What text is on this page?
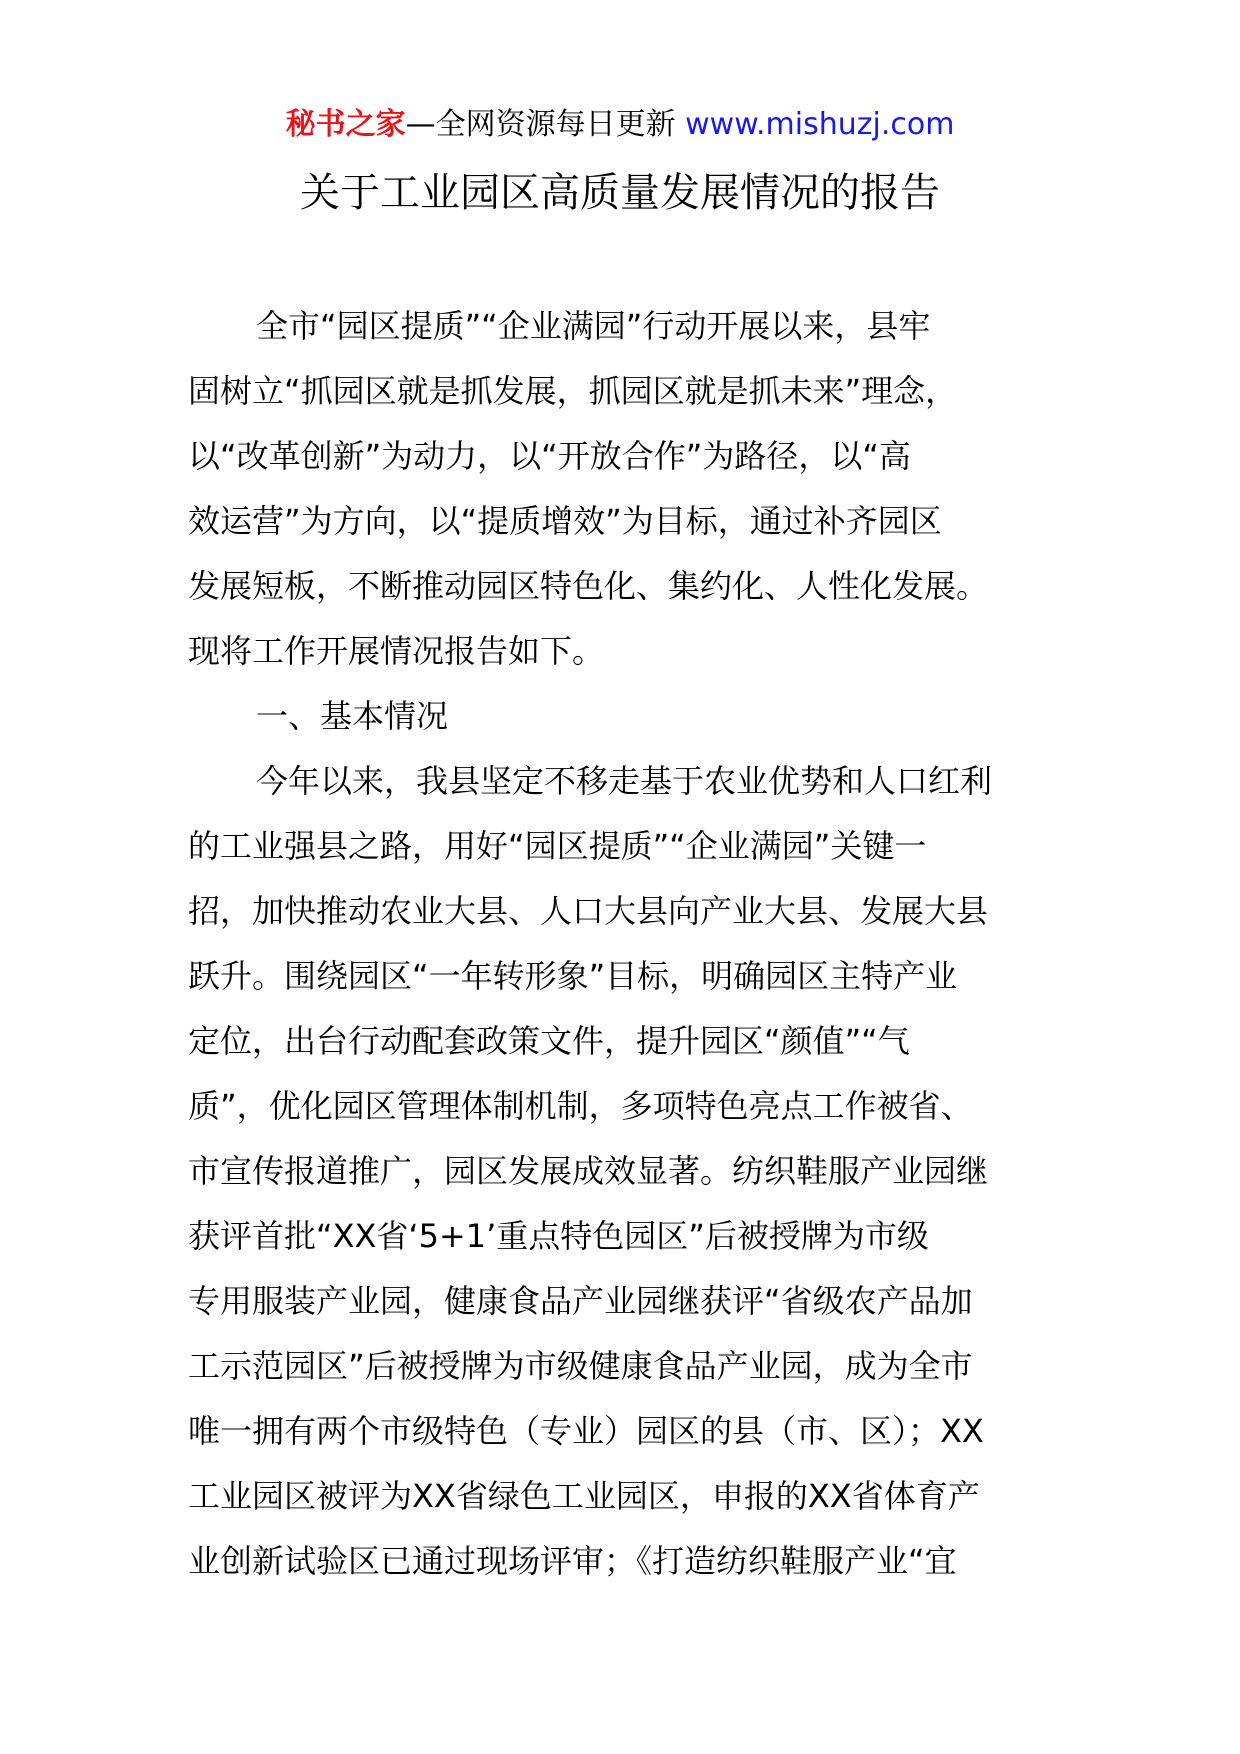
秘书之家—全网资源每日更新 www.mishuzj.com
关于工业园区高质量发展情况的报告
全市“园区提质”“企业满园”行动开展以来，县牢
固树立“抓园区就是抓发展，抓园区就是抓未来”理念，
以“改革创新”为动力，以“开放合作”为路径，以“高
效运营”为方向，以“提质增效”为目标，通过补齐园区
发展短板，不断推动园区特色化、集约化、人性化发展。
现将工作开展情况报告如下。
一、基本情况
今年以来，我县坚定不移走基于农业优势和人口红利
的工业强县之路，用好“园区提质”“企业满园”关键一
招，加快推动农业大县、人口大县向产业大县、发展大县
跃升。围绕园区“一年转形象”目标，明确园区主特产业
定位，出台行动配套政策文件，提升园区“颜值”“气
质”，优化园区管理体制机制，多项特色亮点工作被省、
市宣传报道推广，园区发展成效显著。纺织鞋服产业园继
获评首批“XX省‘5+1’重点特色园区”后被授牌为市级
专用服装产业园，健康食品产业园继获评“省级农产品加
工示范园区”后被授牌为市级健康食品产业园，成为全市
唯一拥有两个市级特色（专业）园区的县（市、区）；XX
工业园区被评为XX省绿色工业园区，申报的XX省体育产
业创新试验区已通过现场评审；《打造纺织鞋服产业“宜
